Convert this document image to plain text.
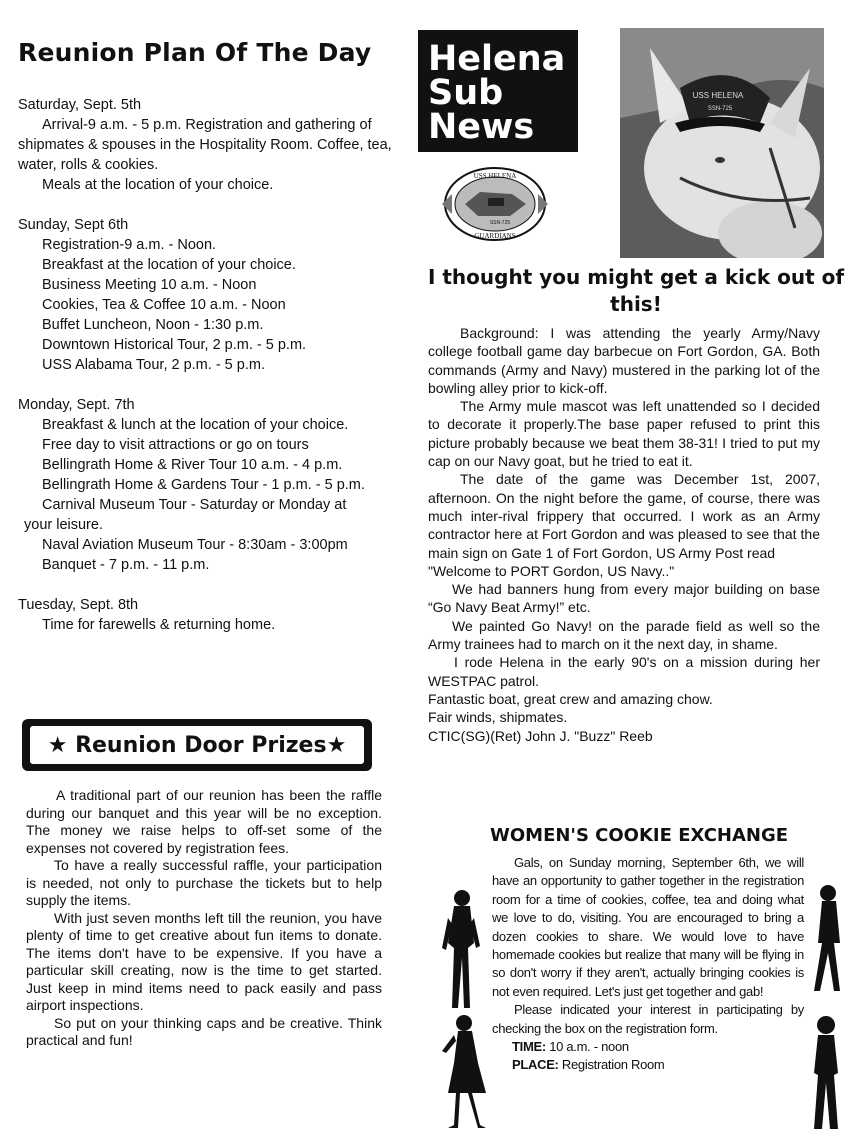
Reunion Plan Of The Day

Saturday, Sept. 5th

Arrival-9 a.m. - 5 p.m. Registration and gathering of

shipmates & spouses in the Hospitality Room. Coffee, tea, water, rolls & cookies.

Meals at the location of your choice.

Sunday, Sept 6th

Registration-9 a.m. - Noon.

Breakfast at the location of your choice.

Business Meeting 10 a.m. - Noon

Cookies, Tea & Coffee 10 a.m. - Noon

Buffet Luncheon, Noon - 1:30 p.m.

Downtown Historical Tour, 2 p.m. - 5 p.m.

USS Alabama Tour, 2 p.m. - 5 p.m.

Monday, Sept. 7th

Breakfast & lunch at the location of your choice.

Free day to visit attractions or go on tours

Bellingrath Home & River Tour 10 a.m. - 4 p.m.

Bellingrath Home & Gardens Tour - 1 p.m. - 5 p.m.

Carnival Museum Tour - Saturday or Monday at

your leisure.

Naval Aviation Museum Tour - 8:30am - 3:00pm

Banquet - 7 p.m. - 11 p.m.

Tuesday, Sept. 8th

Time for farewells & returning home.

★ Reunion Door Prizes★

A traditional part of our reunion has been the raffle during our banquet and this year will be no exception. The money we raise helps to off-set some of the expenses not covered by registration fees.

To have a really successful raffle, your participation is needed, not only to purchase the tickets but to help supply the items.

With just seven months left till the reunion, you have plenty of time to get creative about fun items to donate. The items don't have to be expensive. If you have a particular skill creating, now is the time to get started. Just keep in mind items need to pack easily and pass airport inspections.

So put on your thinking caps and be creative. Think practical and fun!

Helena
Sub
News
USS HELENA
SSN-725
GUARDIANS
USS HELENA
SSN-725
I thought you might get a kick out of this!

Background: I was attending the yearly Army/Navy college football game day barbecue on Fort Gordon, GA. Both commands (Army and Navy) mustered in the parking lot of the bowling alley prior to kick-off.

The Army mule mascot was left unattended so I decided to decorate it properly.The base paper refused to print this picture probably because we beat them 38-31! I tried to put my cap on our Navy goat, but he tried to eat it.

The date of the game was December 1st, 2007, afternoon. On the night before the game, of course, there was much inter-rival frippery that occurred. I work as an Army contractor here at Fort Gordon and was pleased to see that the main sign on Gate 1 of Fort Gordon, US Army Post read

"Welcome to PORT Gordon, US Navy.."

We had banners hung from every major building on base “Go Navy Beat Army!” etc.

We painted Go Navy! on the parade field as well so the Army trainees had to march on it the next day, in shame.

I rode Helena in the early 90's on a mission during her WESTPAC patrol.

Fantastic boat, great crew and amazing chow.

Fair winds, shipmates.

CTIC(SG)(Ret) John J. "Buzz" Reeb

WOMEN'S COOKIE EXCHANGE

Gals, on Sunday morning, September 6th, we will have an opportunity to gather together in the registration room for a time of cookies, coffee, tea and doing what we love to do, visiting. You are encouraged to bring a dozen cookies to share. We would love to have homemade cookies but realize that many will be flying in so don't worry if they aren't, actually bringing cookies is not even required. Let's just get together and gab!

Please indicated your interest in participating by checking the box on the registration form.

TIME: 10 a.m. - noon

PLACE: Registration Room
